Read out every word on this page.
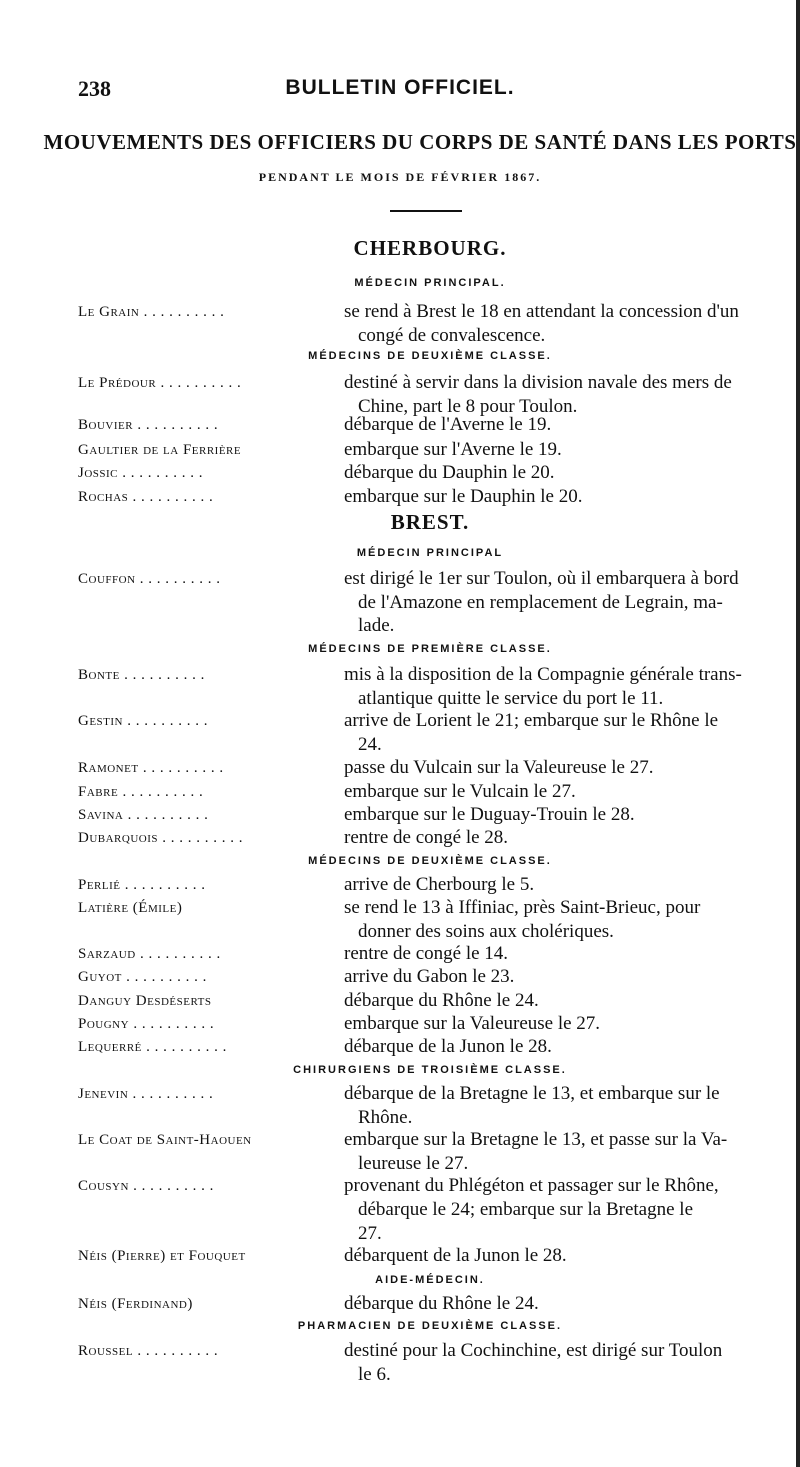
238	BULLETIN OFFICIEL.
MOUVEMENTS DES OFFICIERS DU CORPS DE SANTÉ DANS LES PORTS
PENDANT LE MOIS DE FÉVRIER 1867.
CHERBOURG.
MÉDECIN PRINCIPAL.
Le Grain . . .	se rend à Brest le 18 en attendant la concession d'un
congé de convalescence.
MÉDECINS DE DEUXIÈME CLASSE.
Le Prédour . . .	destiné à servir dans la division navale des mers de
Chine, part le 8 pour Toulon.
Bouvier . . .	débarque de l'Averne le 19.
Gaultier de la Ferrière	embarque sur l'Averne le 19.
Jossic . . .	débarque du Dauphin le 20.
Rochas . . .	embarque sur le Dauphin le 20.
BREST.
MÉDECIN PRINCIPAL
Couffon . . .	est dirigé le 1er sur Toulon, où il embarquera à bord
de l'Amazone en remplacement de Legrain, ma-
lade.
MÉDECINS DE PREMIÈRE CLASSE.
Bonte . . .	mis à la disposition de la Compagnie générale trans-
atlantique quitte le service du port le 11.
Gestin . . .	arrive de Lorient le 21; embarque sur le Rhône le
24.
Ramonet . . .	passe du Vulcain sur la Valeureuse le 27.
Fabre . . .	embarque sur le Vulcain le 27.
Savina . . .	embarque sur le Duguay-Trouin le 28.
Dubarquois . . .	rentre de congé le 28.
MÉDECINS DE DEUXIÈME CLASSE.
Perlié . . .	arrive de Cherbourg le 5.
Latière (Émile)	se rend le 13 à Iffiniac, près Saint-Brieuc, pour
donner des soins aux cholériques.
Sarzaud . . .	rentre de congé le 14.
Guyot . . .	arrive du Gabon le 23.
Danguy Desdéserts	débarque du Rhône le 24.
Pougny . . .	embarque sur la Valeureuse le 27.
Lequerré . . .	débarque de la Junon le 28.
CHIRURGIENS DE TROISIÈME CLASSE.
Jenevin . . .	débarque de la Bretagne le 13, et embarque sur le
Rhône.
Le Coat de Saint-Haouen	embarque sur la Bretagne le 13, et passe sur la Va-
leureuse le 27.
Cousyn . . .	provenant du Phlégéton et passager sur le Rhône,
débarque le 24; embarque sur la Bretagne le
27.
Néis (Pierre) et Fouquet	débarquent de la Junon le 28.
AIDE-MÉDECIN.
Néis (Ferdinand)	débarque du Rhône le 24.
PHARMACIEN DE DEUXIÈME CLASSE.
Roussel . . .	destiné pour la Cochinchine, est dirigé sur Toulon
le 6.
